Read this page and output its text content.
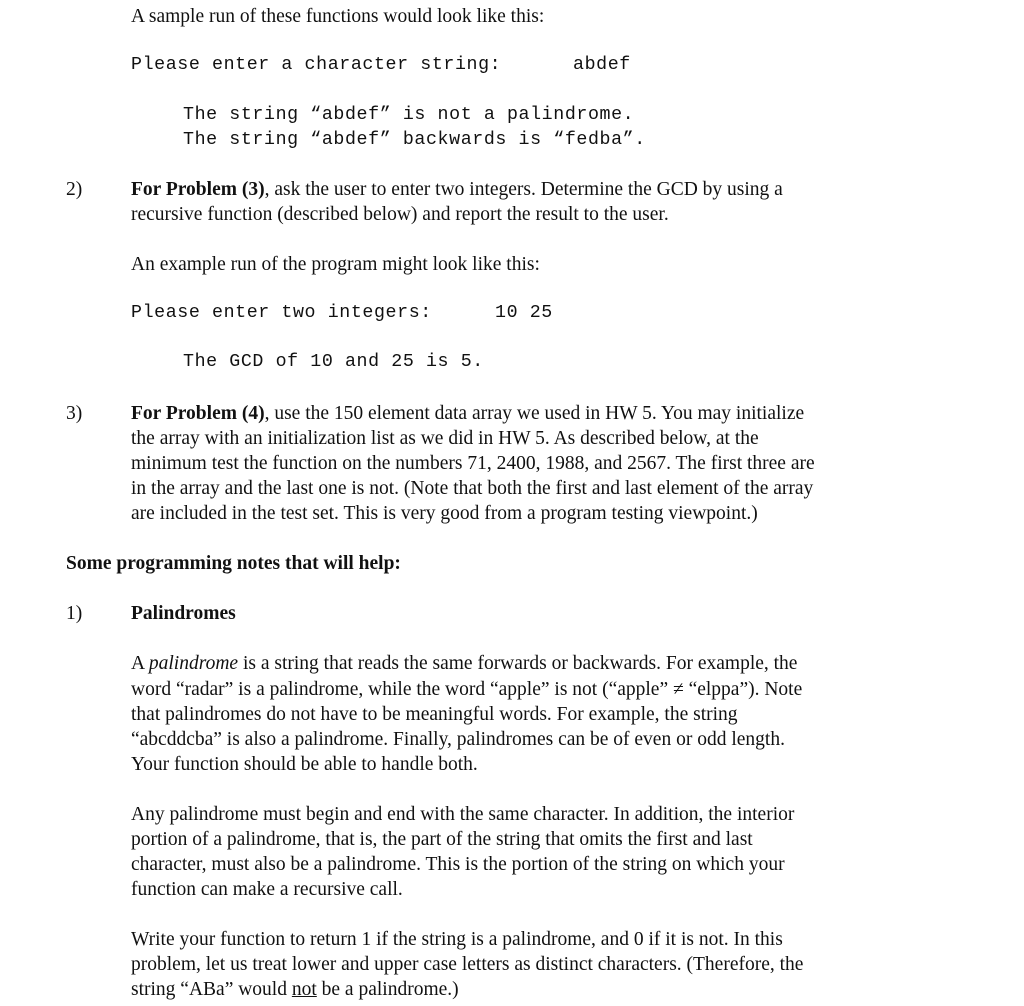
A sample run of these functions would look like this:

Please enter a character string:	abdef

The string “abdef” is not a palindrome.

The string “abdef” backwards is “fedba”.

2)	For Problem (3), ask the user to enter two integers. Determine the GCD by using a

recursive function (described below) and report the result to the user.

An example run of the program might look like this:

Please enter two integers:	10 25

The GCD of 10 and 25 is 5.

3)	For Problem (4), use the 150 element data array we used in HW 5. You may initialize

the array with an initialization list as we did in HW 5. As described below, at the

minimum test the function on the numbers 71, 2400, 1988, and 2567. The first three are

in the array and the last one is not. (Note that both the first and last element of the array

are included in the test set. This is very good from a program testing viewpoint.)

Some programming notes that will help:

1)	Palindromes

A palindrome is a string that reads the same forwards or backwards. For example, the

word “radar” is a palindrome, while the word “apple” is not (“apple” ≠ “elppa”). Note

that palindromes do not have to be meaningful words. For example, the string

“abcddcba” is also a palindrome. Finally, palindromes can be of even or odd length.

Your function should be able to handle both.

Any palindrome must begin and end with the same character. In addition, the interior

portion of a palindrome, that is, the part of the string that omits the first and last

character, must also be a palindrome. This is the portion of the string on which your

function can make a recursive call.

Write your function to return 1 if the string is a palindrome, and 0 if it is not. In this

problem, let us treat lower and upper case letters as distinct characters. (Therefore, the

string “ABa” would not be a palindrome.)
